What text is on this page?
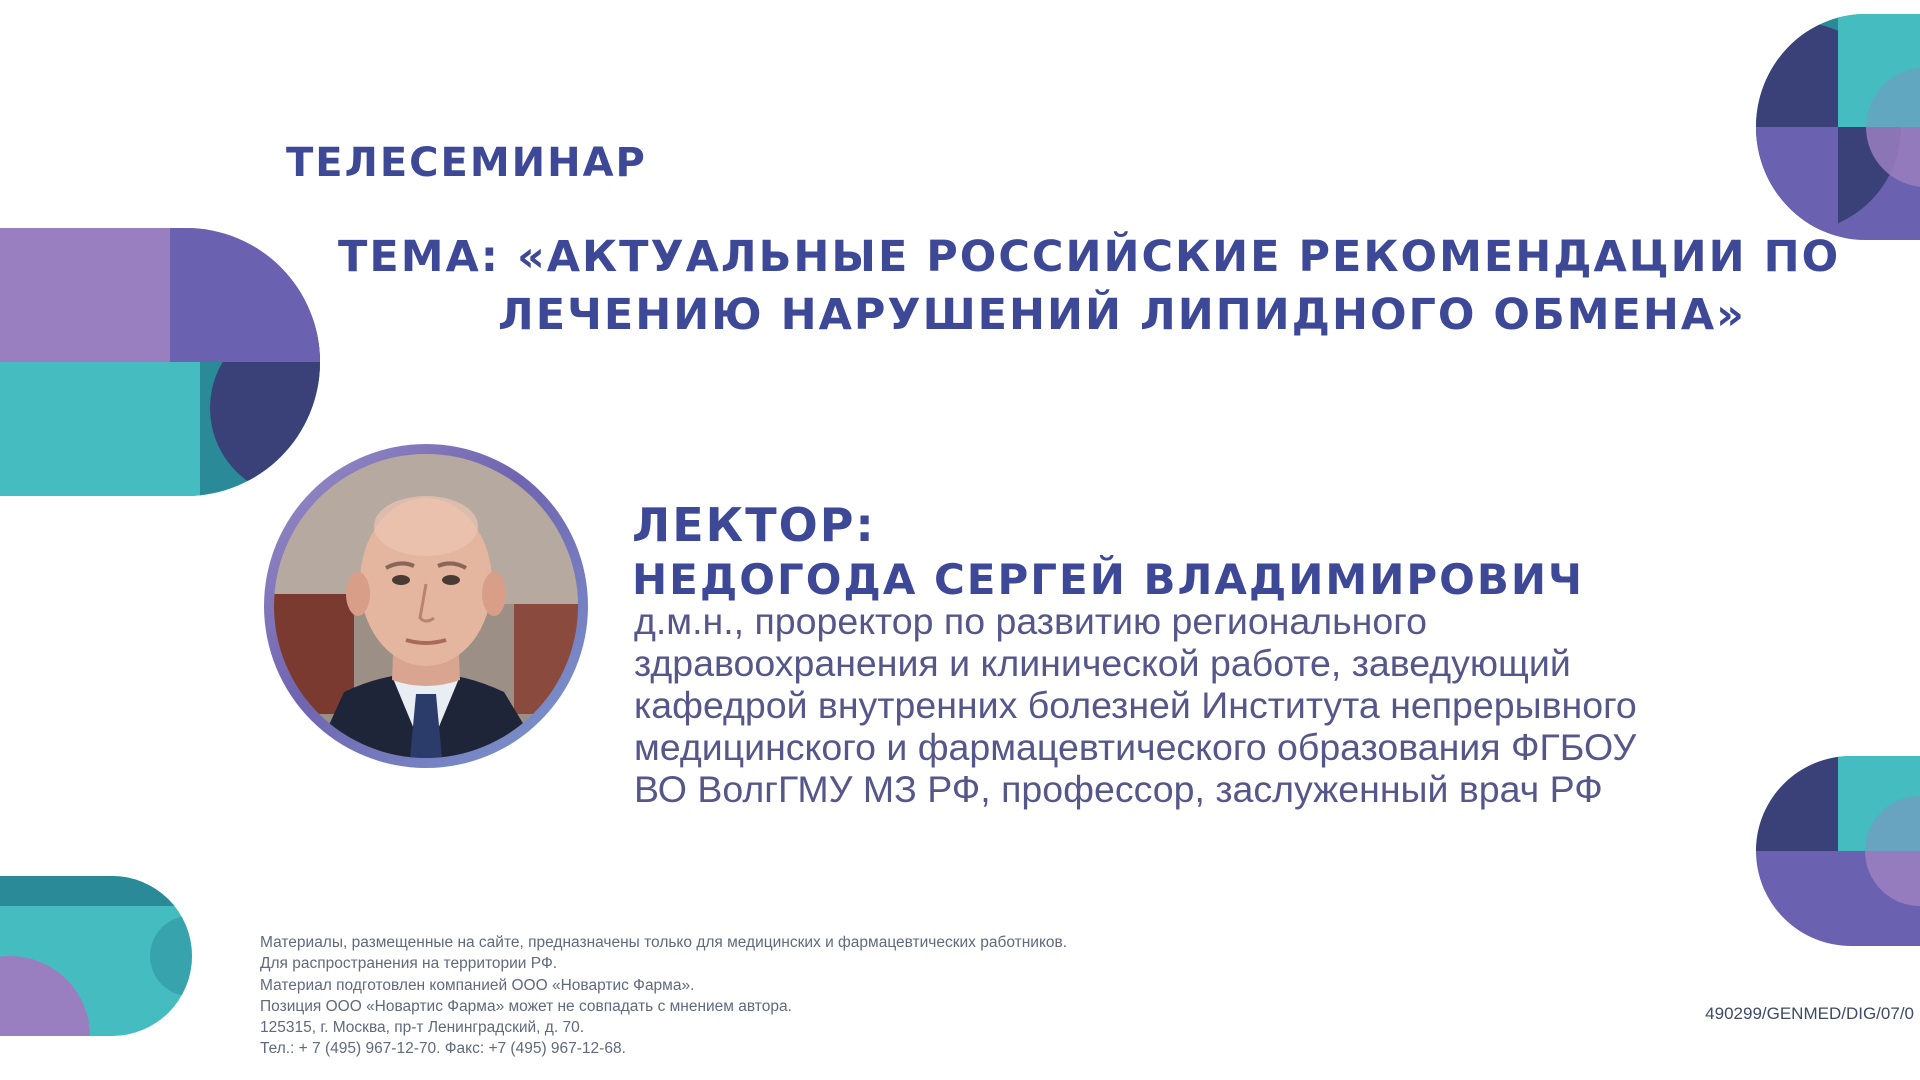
ТЕЛЕСЕМИНАР
ТЕМА: «АКТУАЛЬНЫЕ РОССИЙСКИЕ РЕКОМЕНДАЦИИ ПО
ЛЕЧЕНИЮ НАРУШЕНИЙ ЛИПИДНОГО ОБМЕНА»
ЛЕКТОР:
НЕДОГОДА СЕРГЕЙ ВЛАДИМИРОВИЧ

д.м.н., проректор по развитию регионального
здравоохранения и клинической работе, заведующий
кафедрой внутренних болезней Института непрерывного
медицинского и фармацевтического образования ФГБОУ
ВО ВолгГМУ МЗ РФ, профессор, заслуженный врач РФ

Материалы, размещенные на сайте, предназначены только для медицинских и фармацевтических работников.
Для распространения на территории РФ.
Материал подготовлен компанией ООО «Новартис Фарма».
Позиция ООО «Новартис Фарма» может не совпадать с мнением автора.
125315, г. Москва, пр-т Ленинградский, д. 70.
Тел.: + 7 (495) 967-12-70. Факс: +7 (495) 967-12-68.

490299/GENMED/DIG/07/0
